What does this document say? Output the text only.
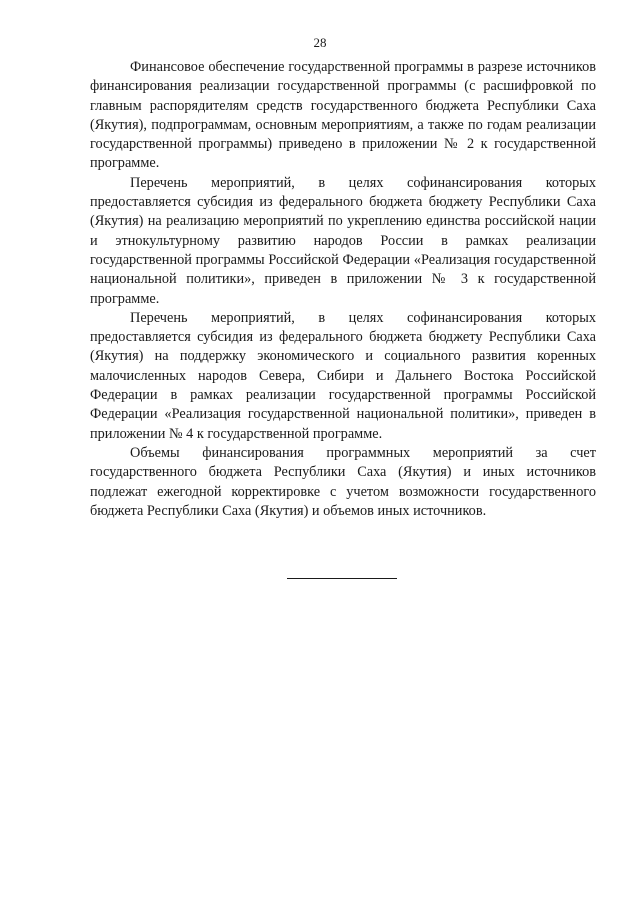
28

Финансовое обеспечение государственной программы в разрезе источников финансирования реализации государственной программы (с расшифровкой по главным распорядителям средств государственного бюджета Республики Саха (Якутия), подпрограммам, основным мероприятиям, а также по годам реализации государственной программы) приведено в приложении № 2 к государственной программе.

Перечень мероприятий, в целях софинансирования которых предоставляется субсидия из федерального бюджета бюджету Республики Саха (Якутия) на реализацию мероприятий по укреплению единства российской нации и этнокультурному развитию народов России в рамках реализации государственной программы Российской Федерации «Реализация государственной национальной политики», приведен в приложении № 3 к государственной программе.

Перечень мероприятий, в целях софинансирования которых предоставляется субсидия из федерального бюджета бюджету Республики Саха (Якутия) на поддержку экономического и социального развития коренных малочисленных народов Севера, Сибири и Дальнего Востока Российской Федерации в рамках реализации государственной программы Российской Федерации «Реализация государственной национальной политики», приведен в приложении № 4 к государственной программе.

Объемы финансирования программных мероприятий за счет государственного бюджета Республики Саха (Якутия) и иных источников подлежат ежегодной корректировке с учетом возможности государственного бюджета Республики Саха (Якутия) и объемов иных источников.
